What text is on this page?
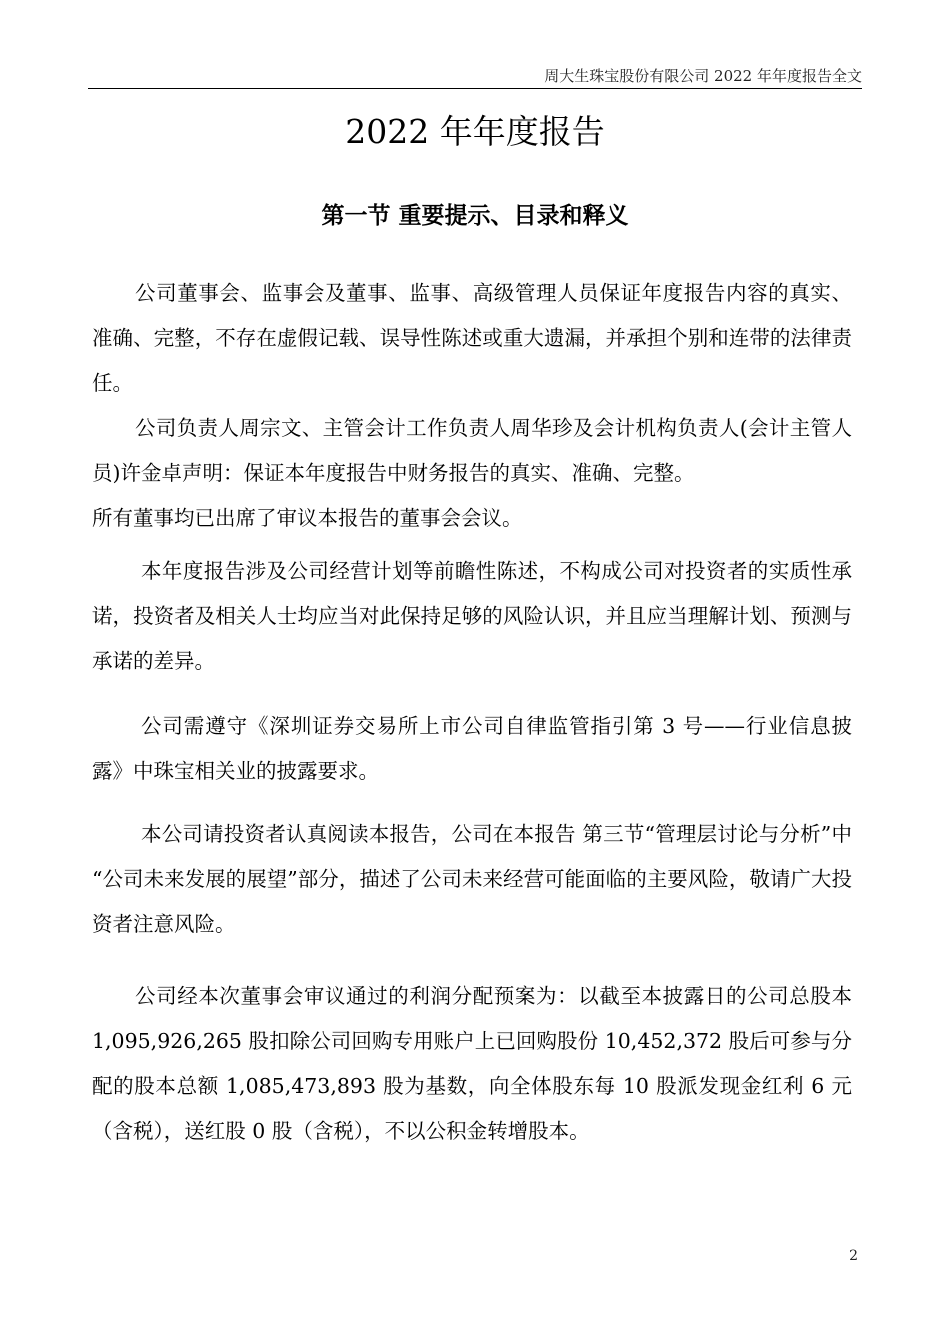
周大生珠宝股份有限公司 2022 年年度报告全文
2022 年年度报告
第一节 重要提示、目录和释义

公司董事会、监事会及董事、监事、高级管理人员保证年度报告内容的真实、准确、完整，不存在虚假记载、误导性陈述或重大遗漏，并承担个别和连带的法律责任。

公司负责人周宗文、主管会计工作负责人周华珍及会计机构负责人(会计主管人员)许金卓声明：保证本年度报告中财务报告的真实、准确、完整。

所有董事均已出席了审议本报告的董事会会议。

本年度报告涉及公司经营计划等前瞻性陈述，不构成公司对投资者的实质性承诺，投资者及相关人士均应当对此保持足够的风险认识，并且应当理解计划、预测与承诺的差异。

公司需遵守《深圳证券交易所上市公司自律监管指引第 3 号——行业信息披露》中珠宝相关业的披露要求。

本公司请投资者认真阅读本报告，公司在本报告 第三节“管理层讨论与分析”中 “公司未来发展的展望”部分，描述了公司未来经营可能面临的主要风险，敬请广大投资者注意风险。

公司经本次董事会审议通过的利润分配预案为：以截至本披露日的公司总股本 1,095,926,265 股扣除公司回购专用账户上已回购股份 10,452,372 股后可参与分配的股本总额 1,085,473,893 股为基数，向全体股东每 10 股派发现金红利 6 元（含税），送红股 0 股（含税），不以公积金转增股本。

2
